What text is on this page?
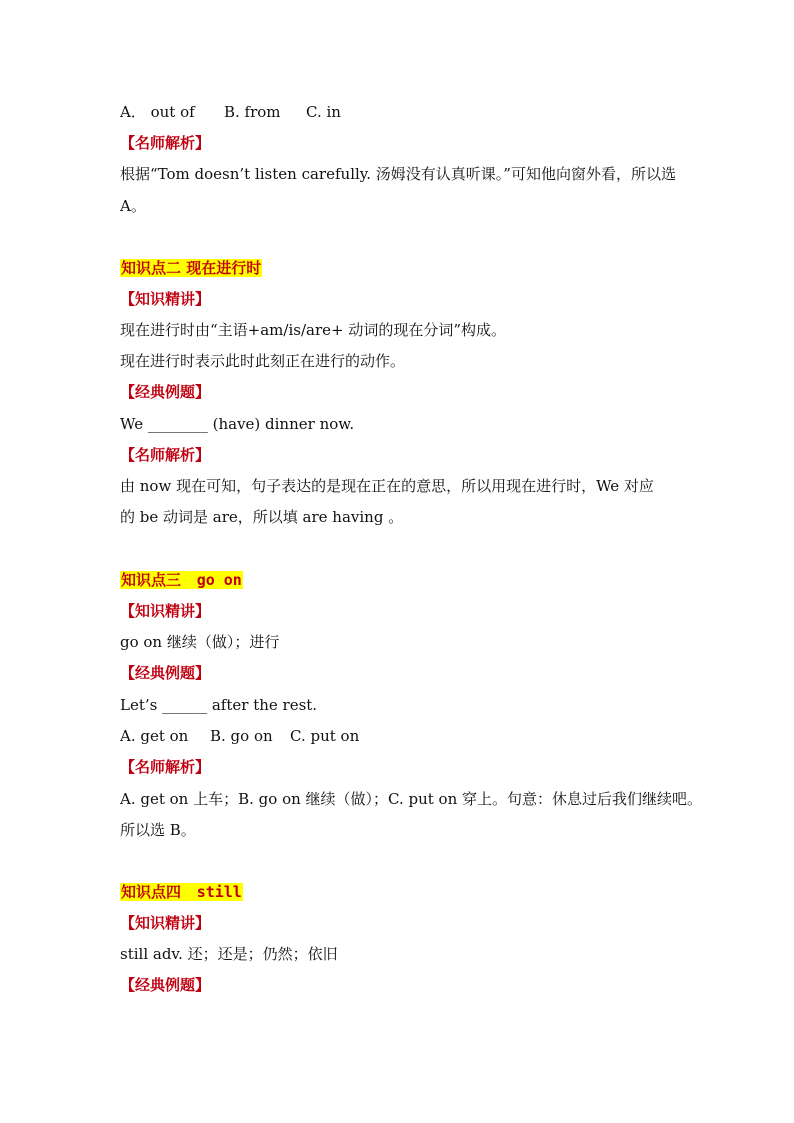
A． out of B. from C. in
【名师解析】
根据“Tom doesn’t listen carefully. 汤姆没有认真听课。”可知他向窗外看，所以选
A。
知识点二 现在进行时
【知识精讲】
现在进行时由“主语+am/is/are+ 动词的现在分词”构成。
现在进行时表示此时此刻正在进行的动作。
【经典例题】
We ________ (have) dinner now.
【名师解析】
由 now 现在可知，句子表达的是现在正在的意思，所以用现在进行时，We 对应
的 be 动词是 are，所以填 are having 。
知识点三 go on
【知识精讲】
go on 继续（做）；进行
【经典例题】
Let’s ______ after the rest.
A. get on B. go on C. put on
【名师解析】
A. get on 上车；B. go on 继续（做）；C. put on 穿上。句意：休息过后我们继续吧。
所以选 B。
知识点四 still
【知识精讲】
still adv. 还；还是；仍然；依旧
【经典例题】
